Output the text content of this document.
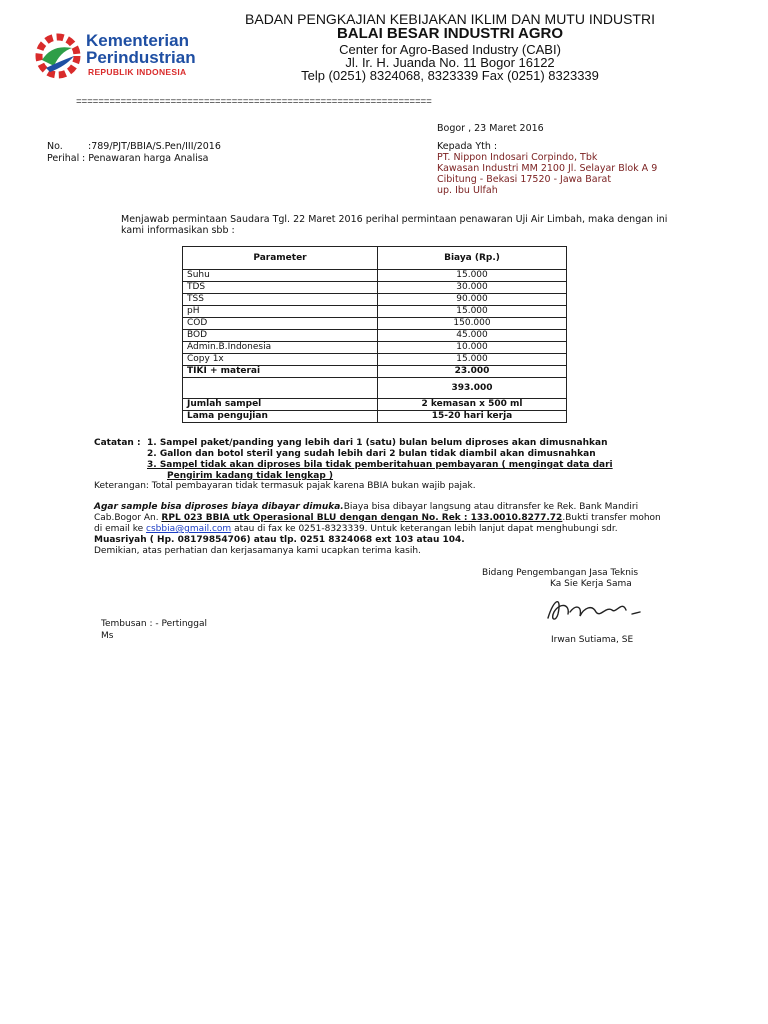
Kementerian
Perindustrian
REPUBLIK INDONESIA
BADAN PENGKAJIAN KEBIJAKAN IKLIM DAN MUTU INDUSTRI
BALAI BESAR INDUSTRI AGRO
Center for Agro-Based Industry (CABI)
Jl. Ir. H. Juanda No. 11 Bogor 16122
Telp (0251) 8324068, 8323339 Fax (0251) 8323339
================================================================
Bogor , 23 Maret 2016
No.	:789/PJT/BBIA/S.Pen/III/2016
Perihal : Penawaran harga Analisa
Kepada Yth :
PT. Nippon Indosari Corpindo, Tbk
Kawasan Industri MM 2100 Jl. Selayar Blok A 9
Cibitung - Bekasi 17520 - Jawa Barat
up. Ibu Ulfah
Menjawab permintaan Saudara Tgl. 22 Maret 2016 perihal permintaan penawaran Uji Air Limbah, maka dengan ini
kami informasikan sbb :
Parameter	Biaya (Rp.)
Suhu	15.000
TDS	30.000
TSS	90.000
pH	15.000
COD	150.000
BOD	45.000
Admin.B.Indonesia	10.000
Copy 1x	15.000
TIKI + materai	23.000
	393.000
Jumlah sampel	2 kemasan x 500 ml
Lama pengujian	15-20 hari kerja
Catatan : 1. Sampel paket/panding yang lebih dari 1 (satu) bulan belum diproses akan dimusnahkan
2. Gallon dan botol steril yang sudah lebih dari 2 bulan tidak diambil akan dimusnahkan
3. Sampel tidak akan diproses bila tidak pemberitahuan pembayaran ( mengingat data dari
Pengirim kadang tidak lengkap )
Keterangan: Total pembayaran tidak termasuk pajak karena BBIA bukan wajib pajak.
Agar sample bisa diproses biaya dibayar dimuka.Biaya bisa dibayar langsung atau ditransfer ke Rek. Bank Mandiri
Cab.Bogor An. RPL 023 BBIA utk Operasional BLU dengan dengan No. Rek : 133.0010.8277.72.Bukti transfer mohon
di email ke csbbia@gmail.com atau di fax ke 0251-8323339. Untuk keterangan lebih lanjut dapat menghubungi sdr.
Muasriyah ( Hp. 08179854706) atau tlp. 0251 8324068 ext 103 atau 104.
Demikian, atas perhatian dan kerjasamanya kami ucapkan terima kasih.
Bidang Pengembangan Jasa Teknis
Ka Sie Kerja Sama
Irwan Sutiama, SE
Tembusan : - Pertinggal
Ms
